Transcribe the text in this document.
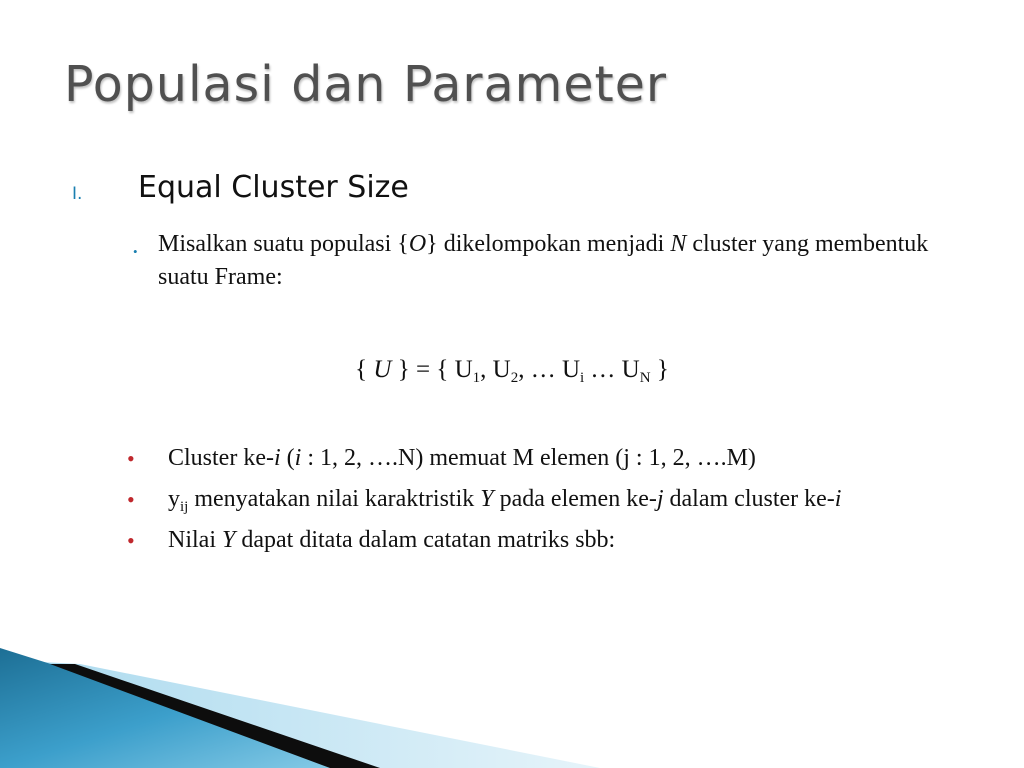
Populasi dan Parameter
I. Equal Cluster Size
• Misalkan suatu populasi {O} dikelompokan menjadi N cluster yang membentuk suatu Frame:
{ U } = { $U_1$, $U_2$, … $U_i$ … $U_N$ }
• Cluster ke-i (i : 1, 2, ….N) memuat M elemen (j : 1, 2, ….M)
• $y_{ij}$ menyatakan nilai karaktristik Y pada elemen ke-j dalam cluster ke-i
• Nilai Y dapat ditata dalam catatan matriks sbb:
